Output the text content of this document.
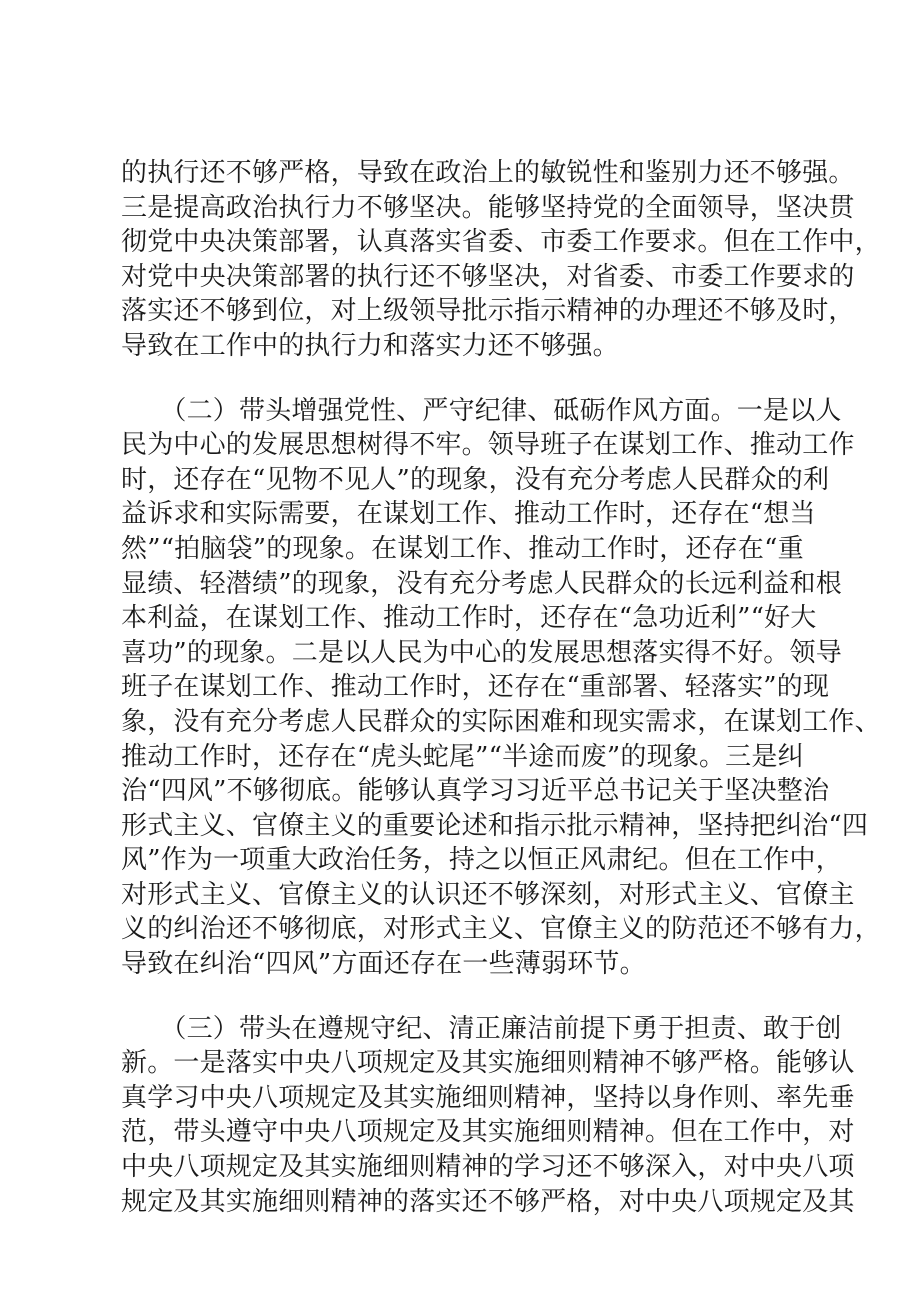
的执行还不够严格，导致在政治上的敏锐性和鉴别力还不够强。
三是提高政治执行力不够坚决。能够坚持党的全面领导，坚决贯
彻党中央决策部署，认真落实省委、市委工作要求。但在工作中，
对党中央决策部署的执行还不够坚决，对省委、市委工作要求的
落实还不够到位，对上级领导批示指示精神的办理还不够及时，
导致在工作中的执行力和落实力还不够强。

　　（二）带头增强党性、严守纪律、砥砺作风方面。一是以人
民为中心的发展思想树得不牢。领导班子在谋划工作、推动工作
时，还存在“见物不见人”的现象，没有充分考虑人民群众的利
益诉求和实际需要，在谋划工作、推动工作时，还存在“想当
然”“拍脑袋”的现象。在谋划工作、推动工作时，还存在“重
显绩、轻潜绩”的现象，没有充分考虑人民群众的长远利益和根
本利益，在谋划工作、推动工作时，还存在“急功近利”“好大
喜功”的现象。二是以人民为中心的发展思想落实得不好。领导
班子在谋划工作、推动工作时，还存在“重部署、轻落实”的现
象，没有充分考虑人民群众的实际困难和现实需求，在谋划工作、
推动工作时，还存在“虎头蛇尾”“半途而废”的现象。三是纠
治“四风”不够彻底。能够认真学习习近平总书记关于坚决整治
形式主义、官僚主义的重要论述和指示批示精神，坚持把纠治“四
风”作为一项重大政治任务，持之以恒正风肃纪。但在工作中，
对形式主义、官僚主义的认识还不够深刻，对形式主义、官僚主
义的纠治还不够彻底，对形式主义、官僚主义的防范还不够有力，
导致在纠治“四风”方面还存在一些薄弱环节。

　　（三）带头在遵规守纪、清正廉洁前提下勇于担责、敢于创
新。一是落实中央八项规定及其实施细则精神不够严格。能够认
真学习中央八项规定及其实施细则精神，坚持以身作则、率先垂
范，带头遵守中央八项规定及其实施细则精神。但在工作中，对
中央八项规定及其实施细则精神的学习还不够深入，对中央八项
规定及其实施细则精神的落实还不够严格，对中央八项规定及其
